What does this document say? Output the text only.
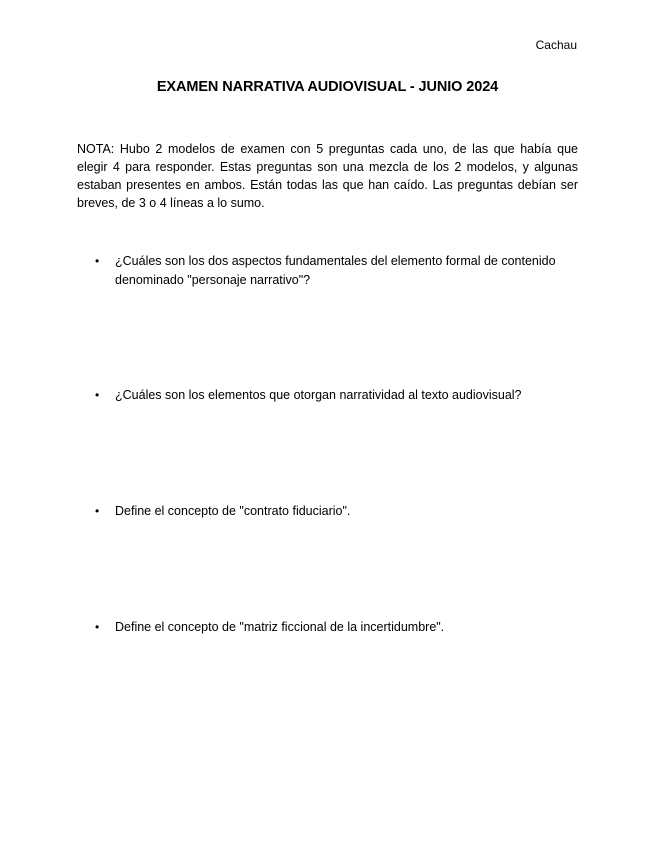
Cachau
EXAMEN NARRATIVA AUDIOVISUAL - JUNIO 2024
NOTA: Hubo 2 modelos de examen con 5 preguntas cada uno, de las que había que elegir 4 para responder. Estas preguntas son una mezcla de los 2 modelos, y algunas estaban presentes en ambos. Están todas las que han caído. Las preguntas debían ser breves, de 3 o 4 líneas a lo sumo.
•	¿Cuáles son los dos aspectos fundamentales del elemento formal de contenido denominado "personaje narrativo"?
•	¿Cuáles son los elementos que otorgan narratividad al texto audiovisual?
•	Define el concepto de "contrato fiduciario".
•	Define el concepto de "matriz ficcional de la incertidumbre".
